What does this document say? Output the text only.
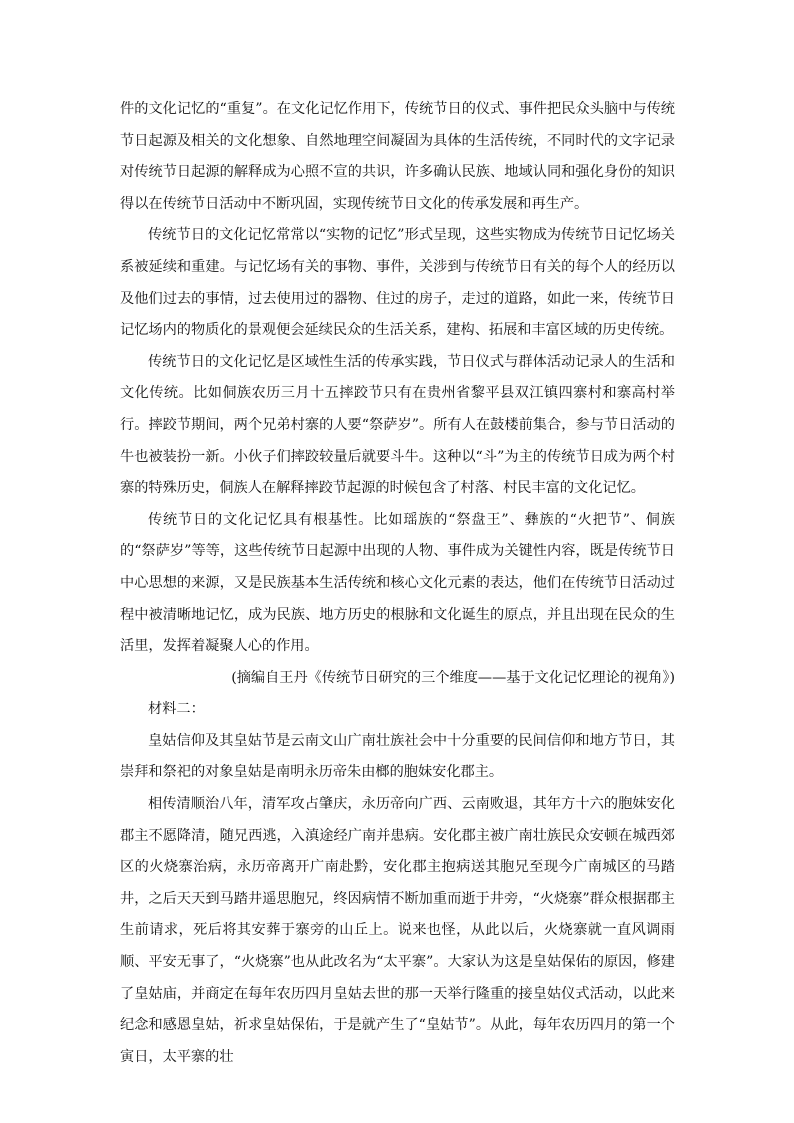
件的文化记忆的“重复”。在文化记忆作用下，传统节日的仪式、事件把民众头脑中与传统节日起源及相关的文化想象、自然地理空间凝固为具体的生活传统，不同时代的文字记录对传统节日起源的解释成为心照不宣的共识，许多确认民族、地域认同和强化身份的知识得以在传统节日活动中不断巩固，实现传统节日文化的传承发展和再生产。

传统节日的文化记忆常常以“实物的记忆”形式呈现，这些实物成为传统节日记忆场关系被延续和重建。与记忆场有关的事物、事件，关涉到与传统节日有关的每个人的经历以及他们过去的事情，过去使用过的器物、住过的房子，走过的道路，如此一来，传统节日记忆场内的物质化的景观便会延续民众的生活关系，建构、拓展和丰富区域的历史传统。

传统节日的文化记忆是区域性生活的传承实践，节日仪式与群体活动记录人的生活和文化传统。比如侗族农历三月十五摔跤节只有在贵州省黎平县双江镇四寨村和寨高村举行。摔跤节期间，两个兄弟村寨的人要“祭萨岁”。所有人在鼓楼前集合，参与节日活动的牛也被装扮一新。小伙子们摔跤较量后就要斗牛。这种以“斗”为主的传统节日成为两个村寨的特殊历史，侗族人在解释摔跤节起源的时候包含了村落、村民丰富的文化记忆。

传统节日的文化记忆具有根基性。比如瑶族的“祭盘王”、彝族的“火把节”、侗族的“祭萨岁”等等，这些传统节日起源中出现的人物、事件成为关键性内容，既是传统节日中心思想的来源，又是民族基本生活传统和核心文化元素的表达，他们在传统节日活动过程中被清晰地记忆，成为民族、地方历史的根脉和文化诞生的原点，并且出现在民众的生活里，发挥着凝聚人心的作用。

(摘编自王丹《传统节日研究的三个维度——基于文化记忆理论的视角》)

材料二：

皇姑信仰及其皇姑节是云南文山广南壮族社会中十分重要的民间信仰和地方节日，其崇拜和祭祀的对象皇姑是南明永历帝朱由榔的胞妹安化郡主。

相传清顺治八年，清军攻占肇庆，永历帝向广西、云南败退，其年方十六的胞妹安化郡主不愿降清，随兄西逃，入滇途经广南并患病。安化郡主被广南壮族民众安顿在城西郊区的火烧寨治病，永历帝离开广南赴黔，安化郡主抱病送其胞兄至现今广南城区的马踏井，之后天天到马踏井遥思胞兄，终因病情不断加重而逝于井旁，“火烧寨”群众根据郡主生前请求，死后将其安葬于寨旁的山丘上。说来也怪，从此以后，火烧寨就一直风调雨顺、平安无事了，“火烧寨”也从此改名为“太平寨”。大家认为这是皇姑保佑的原因，修建了皇姑庙，并商定在每年农历四月皇姑去世的那一天举行隆重的接皇姑仪式活动，以此来纪念和感恩皇姑，祈求皇姑保佑，于是就产生了“皇姑节”。从此，每年农历四月的第一个寅日，太平寨的壮
